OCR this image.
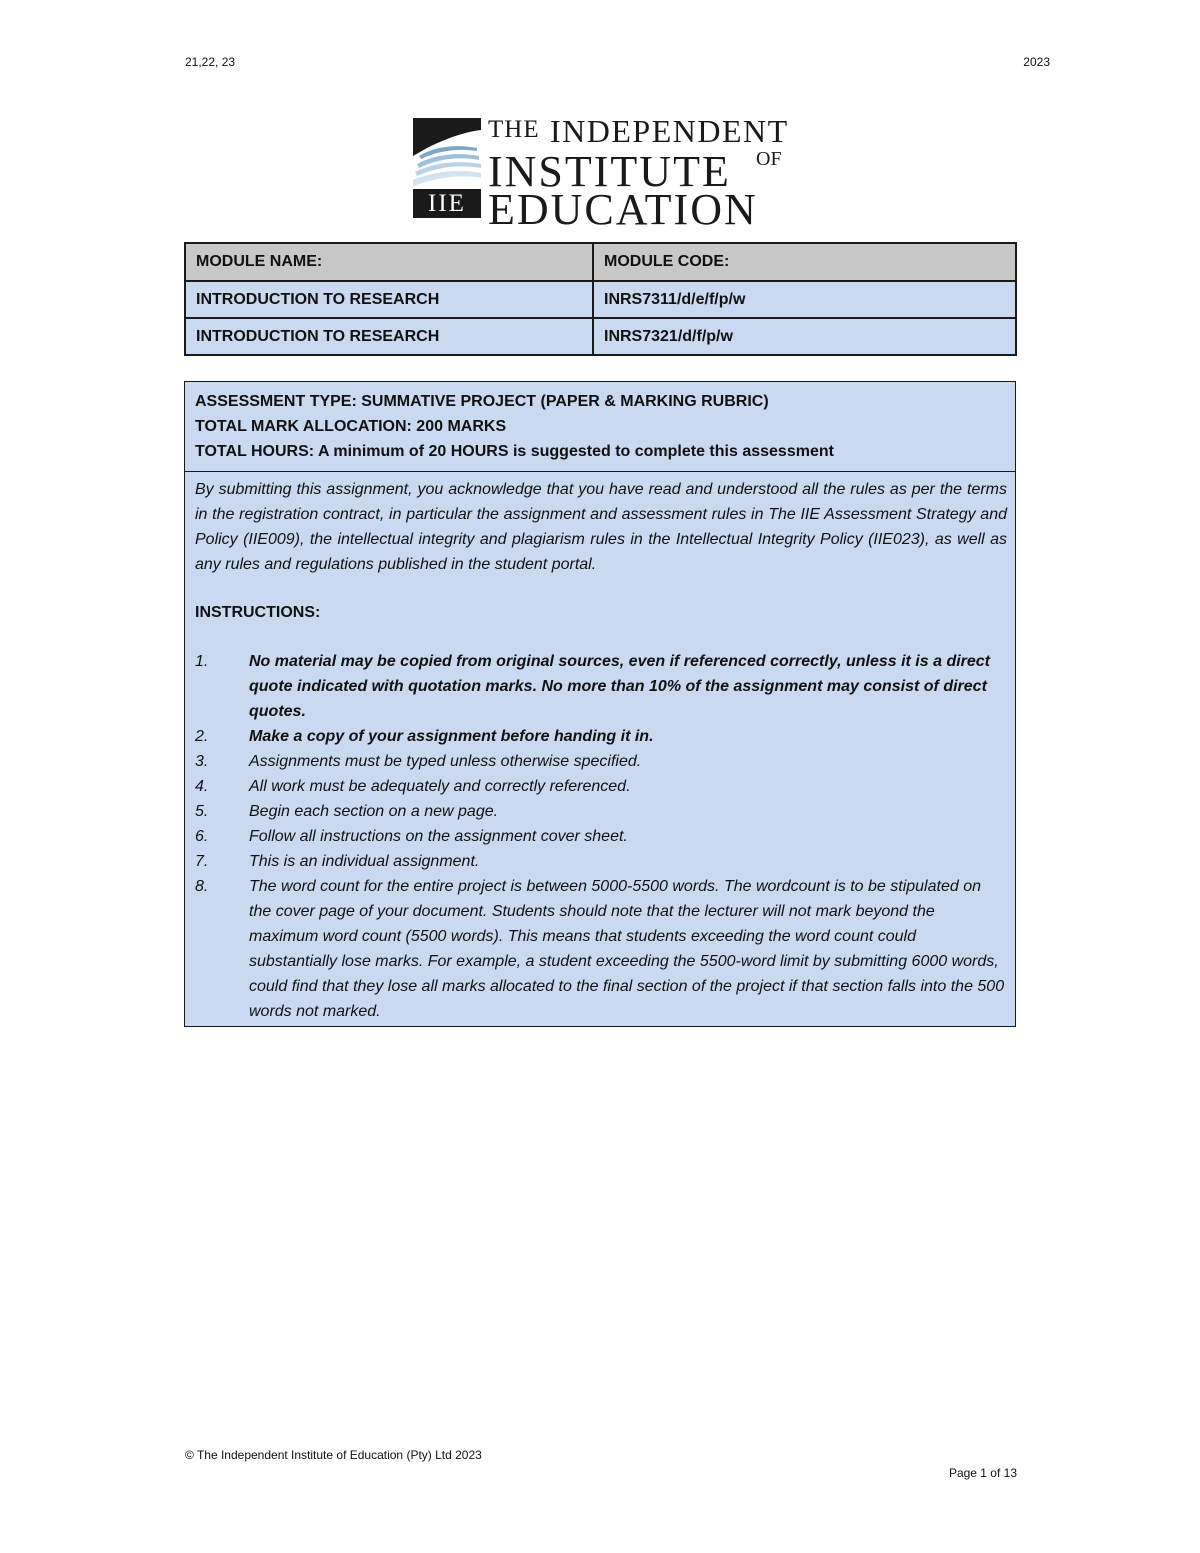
21,22, 23	2023
IIE
THE INDEPENDENT
INSTITUTE OF
EDUCATION
MODULE NAME:	MODULE CODE:
INTRODUCTION TO RESEARCH	INRS7311/d/e/f/p/w
INTRODUCTION TO RESEARCH	INRS7321/d/f/p/w

ASSESSMENT TYPE: SUMMATIVE PROJECT (PAPER & MARKING RUBRIC)

TOTAL MARK ALLOCATION: 200 MARKS

TOTAL HOURS: A minimum of 20 HOURS is suggested to complete this assessment

By submitting this assignment, you acknowledge that you have read and understood all the rules as per the terms in the registration contract, in particular the assignment and assessment rules in The IIE Assessment Strategy and Policy (IIE009), the intellectual integrity and plagiarism rules in the Intellectual Integrity Policy (IIE023), as well as any rules and regulations published in the student portal.

INSTRUCTIONS:
1.	No material may be copied from original sources, even if referenced correctly, unless it is a direct quote indicated with quotation marks. No more than 10% of the assignment may consist of direct quotes.
2.	Make a copy of your assignment before handing it in.
3.	Assignments must be typed unless otherwise specified.
4.	All work must be adequately and correctly referenced.
5.	Begin each section on a new page.
6.	Follow all instructions on the assignment cover sheet.
7.	This is an individual assignment.
8.	The word count for the entire project is between 5000-5500 words. The wordcount is to be stipulated on the cover page of your document. Students should note that the lecturer will not mark beyond the maximum word count (5500 words). This means that students exceeding the word count could substantially lose marks. For example, a student exceeding the 5500-word limit by submitting 6000 words, could find that they lose all marks allocated to the final section of the project if that section falls into the 500 words not marked.
© The Independent Institute of Education (Pty) Ltd 2023
Page 1 of 13
